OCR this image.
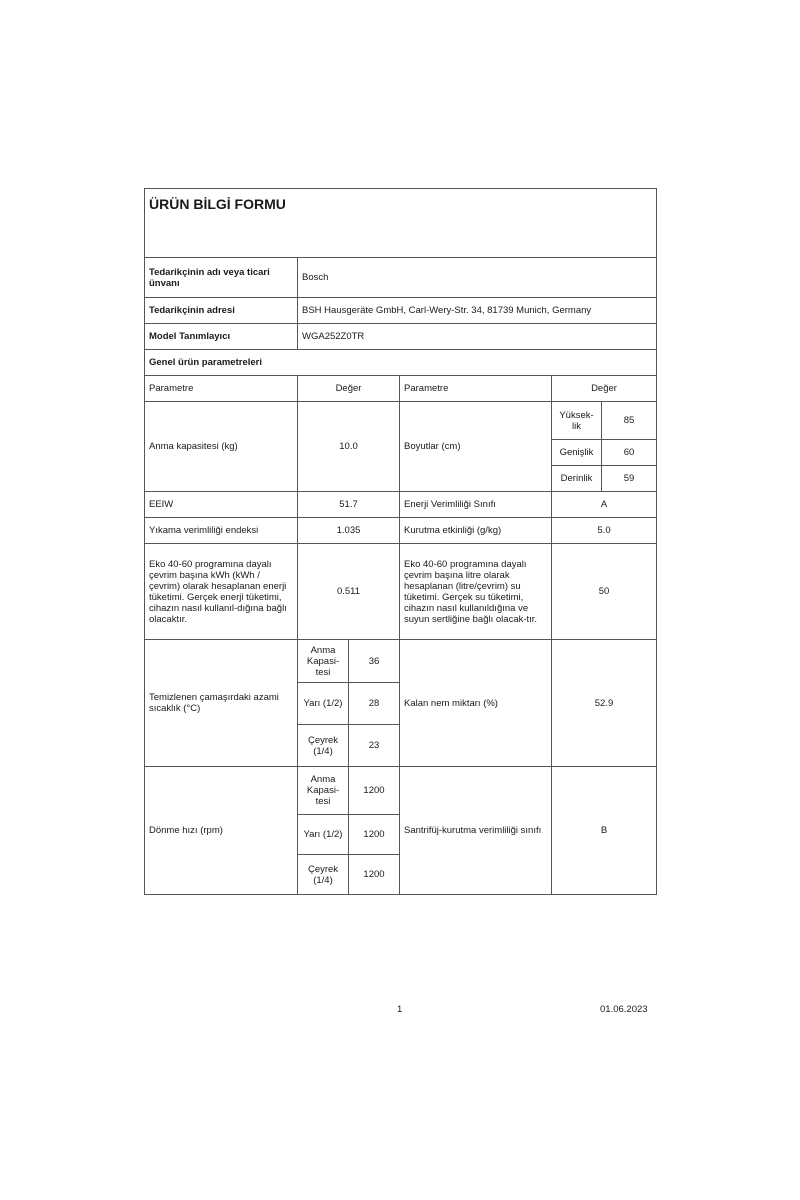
ÜRÜN BİLGİ FORMU					
Tedarikçinin adı veya ticari ünvanı	Bosch				
Tedarikçinin adresi	BSH Hausgeräte GmbH, Carl-Wery-Str. 34, 81739 Munich, Germany				
Model Tanımlayıcı	WGA252Z0TR				
Genel ürün parametreleri					
Parametre	Değer		Parametre	Değer	
Anma kapasitesi (kg)	10.0		Boyutlar (cm)	Yüksek-lik	85
				Genişlik	60
				Derinlik	59
EEIW	51.7		Enerji Verimliliği Sınıfı	A	
Yıkama verimliliği endeksi	1.035		Kurutma etkinliği (g/kg)	5.0	
Eko 40-60 programına dayalı çevrim başına kWh (kWh / çevrim) olarak hesaplanan enerji tüketimi. Gerçek enerji tüketimi, cihazın nasıl kullanıl-dığına bağlı olacaktır.	0.511		Eko 40-60 programına dayalı çevrim başına litre olarak hesaplanan (litre/çevrim) su tüketimi. Gerçek su tüketimi, cihazın nasıl kullanıldığına ve suyun sertliğine bağlı olacak-tır.	50	
Temizlenen çamaşırdaki azami sıcaklık (°C)	Anma Kapasi-tesi	36	Kalan nem miktarı (%)	52.9	
	Yarı (1/2)	28			
	Çeyrek (1/4)	23			
Dönme hızı (rpm)	Anma Kapasi-tesi	1200	Santrifüj-kurutma verimliliği sınıfı	B	
	Yarı (1/2)	1200			
	Çeyrek (1/4)	1200			
1	01.06.2023
